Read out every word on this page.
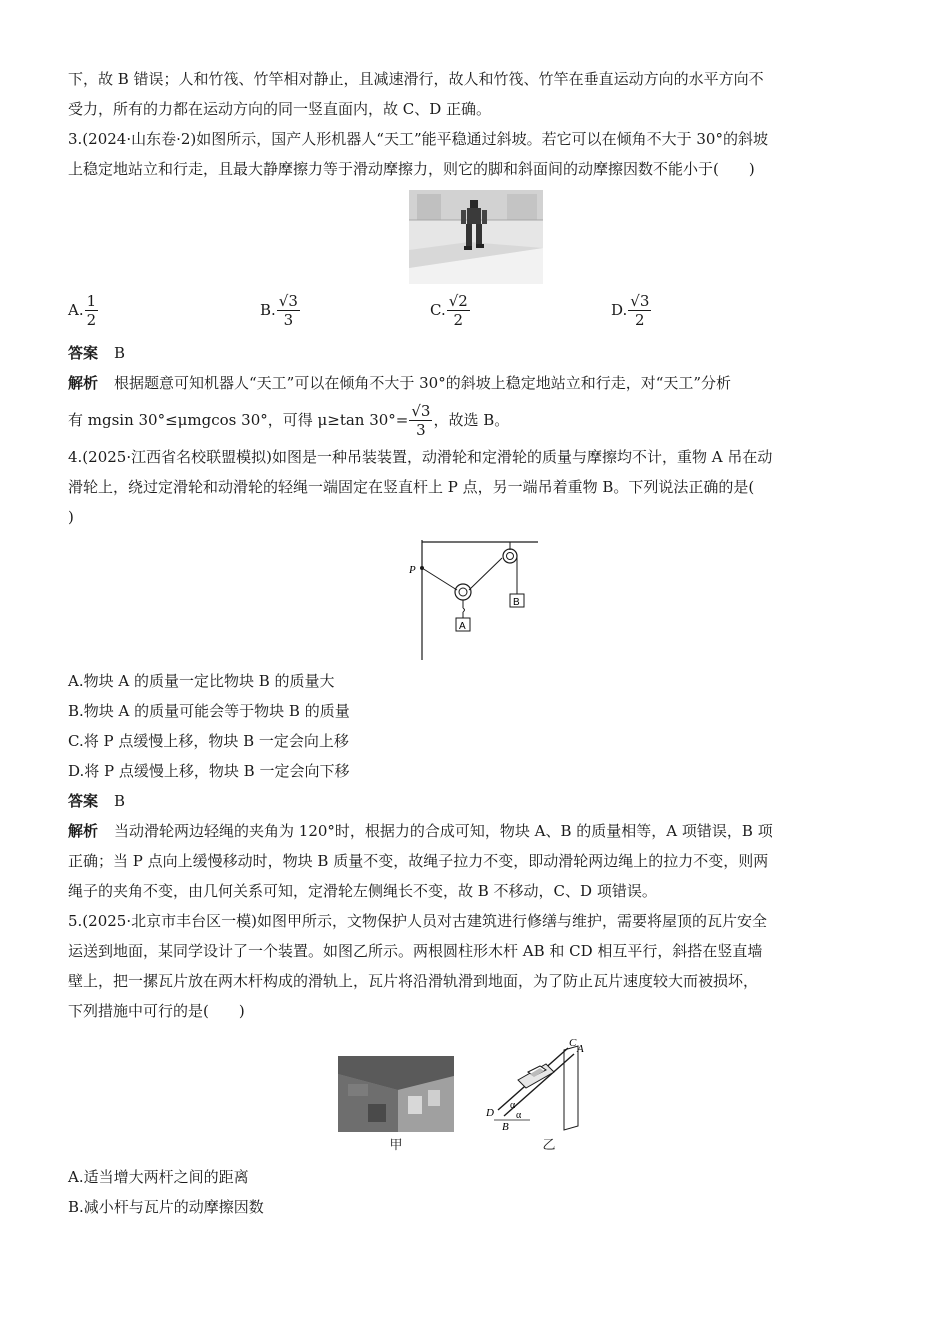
下，故 B 错误；人和竹筏、竹竿相对静止，且减速滑行，故人和竹筏、竹竿在垂直运动方向的水平方向不
受力，所有的力都在运动方向的同一竖直面内，故 C、D 正确。
3.(2024·山东卷·2)如图所示，国产人形机器人“天工”能平稳通过斜坡。若它可以在倾角不大于 30°的斜坡
上稳定地站立和行走，且最大静摩擦力等于滑动摩擦力，则它的脚和斜面间的动摩擦因数不能小于(　　)
A. $\frac{1}{2}$	B. $\frac{√3}{3}$	C. $\frac{√2}{2}$	D. $\frac{√3}{2}$
答案 B
解析 根据题意可知机器人“天工”可以在倾角不大于 30°的斜坡上稳定地站立和行走，对“天工”分析
有 mgsin 30°≤μmgcos 30°，可得 μ≥tan $30^\circ= \frac{√3}{3}$ ，故选 B。
4.(2025·江西省名校联盟模拟)如图是一种吊装装置，动滑轮和定滑轮的质量与摩擦均不计，重物 A 吊在动
滑轮上，绕过定滑轮和动滑轮的轻绳一端固定在竖直杆上 P 点，另一端吊着重物 B。下列说法正确的是(
)
P
A
B
A.物块 A 的质量一定比物块 B 的质量大
B.物块 A 的质量可能会等于物块 B 的质量
C.将 P 点缓慢上移，物块 B 一定会向上移
D.将 P 点缓慢上移，物块 B 一定会向下移
答案 B
解析 当动滑轮两边轻绳的夹角为 120°时，根据力的合成可知，物块 A、B 的质量相等，A 项错误，B 项
正确；当 P 点向上缓慢移动时，物块 B 质量不变，故绳子拉力不变，即动滑轮两边绳上的拉力不变，则两
绳子的夹角不变，由几何关系可知，定滑轮左侧绳长不变，故 B 不移动，C、D 项错误。
5.(2025·北京市丰台区一模)如图甲所示，文物保护人员对古建筑进行修缮与维护，需要将屋顶的瓦片安全
运送到地面，某同学设计了一个装置。如图乙所示。两根圆柱形木杆 AB 和 CD 相互平行，斜搭在竖直墙
壁上，把一摞瓦片放在两木杆构成的滑轨上，瓦片将沿滑轨滑到地面，为了防止瓦片速度较大而被损坏，
下列措施中可行的是(　　)
甲
C A
D
B
α
α
乙
A.适当增大两杆之间的距离
B.减小杆与瓦片的动摩擦因数
